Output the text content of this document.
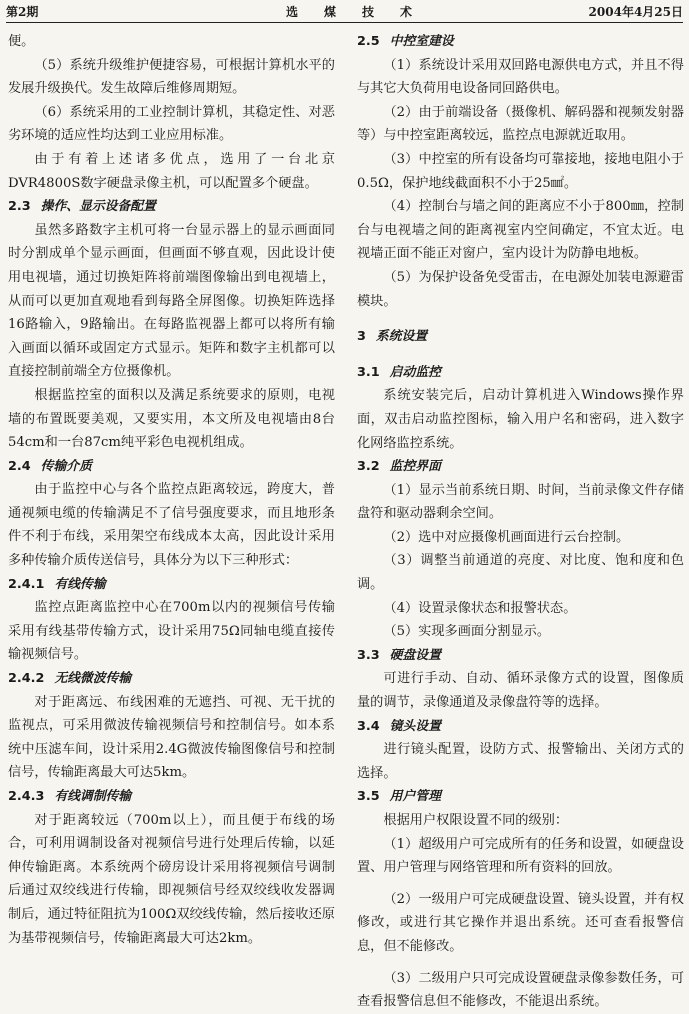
第2期	选煤技术	2004年4月25日

便。

（5）系统升级维护便捷容易，可根据计算机水平的发展升级换代。发生故障后维修周期短。

（6）系统采用的工业控制计算机，其稳定性、对恶劣环境的适应性均达到工业应用标准。

由于有着上述诸多优点，选用了一台北京DVR4800S数字硬盘录像主机，可以配置多个硬盘。

2.3 操作、显示设备配置

虽然多路数字主机可将一台显示器上的显示画面同时分割成单个显示画面，但画面不够直观，因此设计使用电视墙，通过切换矩阵将前端图像输出到电视墙上，从而可以更加直观地看到每路全屏图像。切换矩阵选择16路输入，9路输出。在每路监视器上都可以将所有输入画面以循环或固定方式显示。矩阵和数字主机都可以直接控制前端全方位摄像机。

根据监控室的面积以及满足系统要求的原则，电视墙的布置既要美观，又要实用，本文所及电视墙由8台54cm和一台87cm纯平彩色电视机组成。

2.4 传输介质

由于监控中心与各个监控点距离较远，跨度大，普通视频电缆的传输满足不了信号强度要求，而且地形条件不利于布线，采用架空布线成本太高，因此设计采用多种传输介质传送信号，具体分为以下三种形式：

2.4.1 有线传输

监控点距离监控中心在700m以内的视频信号传输采用有线基带传输方式，设计采用75Ω同轴电缆直接传输视频信号。

2.4.2 无线微波传输

对于距离远、布线困难的无遮挡、可视、无干扰的监视点，可采用微波传输视频信号和控制信号。如本系统中压滤车间，设计采用2.4G微波传输图像信号和控制信号，传输距离最大可达5km。

2.4.3 有线调制传输

对于距离较远（700m以上），而且便于布线的场合，可利用调制设备对视频信号进行处理后传输，以延伸传输距离。本系统两个磅房设计采用将视频信号调制后通过双绞线进行传输，即视频信号经双绞线收发器调制后，通过特征阻抗为100Ω双绞线传输，然后接收还原为基带视频信号，传输距离最大可达2km。

2.5 中控室建设

（1）系统设计采用双回路电源供电方式，并且不得与其它大负荷用电设备同回路供电。

（2）由于前端设备（摄像机、解码器和视频发射器等）与中控室距离较远，监控点电源就近取用。

（3）中控室的所有设备均可靠接地，接地电阻小于0.5Ω，保护地线截面积不小于25㎟。

（4）控制台与墙之间的距离应不小于800㎜，控制台与电视墙之间的距离视室内空间确定，不宜太近。电视墙正面不能正对窗户，室内设计为防静电地板。

（5）为保护设备免受雷击，在电源处加装电源避雷模块。

3 系统设置

3.1 启动监控

系统安装完后，启动计算机进入Windows操作界面，双击启动监控图标，输入用户名和密码，进入数字化网络监控系统。

3.2 监控界面

（1）显示当前系统日期、时间，当前录像文件存储盘符和驱动器剩余空间。

（2）选中对应摄像机画面进行云台控制。

（3）调整当前通道的亮度、对比度、饱和度和色调。

（4）设置录像状态和报警状态。

（5）实现多画面分割显示。

3.3 硬盘设置

可进行手动、自动、循环录像方式的设置，图像质量的调节，录像通道及录像盘符等的选择。

3.4 镜头设置

进行镜头配置，设防方式、报警输出、关闭方式的选择。

3.5 用户管理

根据用户权限设置不同的级别：

（1）超级用户可完成所有的任务和设置，如硬盘设置、用户管理与网络管理和所有资料的回放。

（2）一级用户可完成硬盘设置、镜头设置，并有权修改，或进行其它操作并退出系统。还可查看报警信息，但不能修改。

（3）二级用户只可完成设置硬盘录像参数任务，可查看报警信息但不能修改，不能退出系统。
